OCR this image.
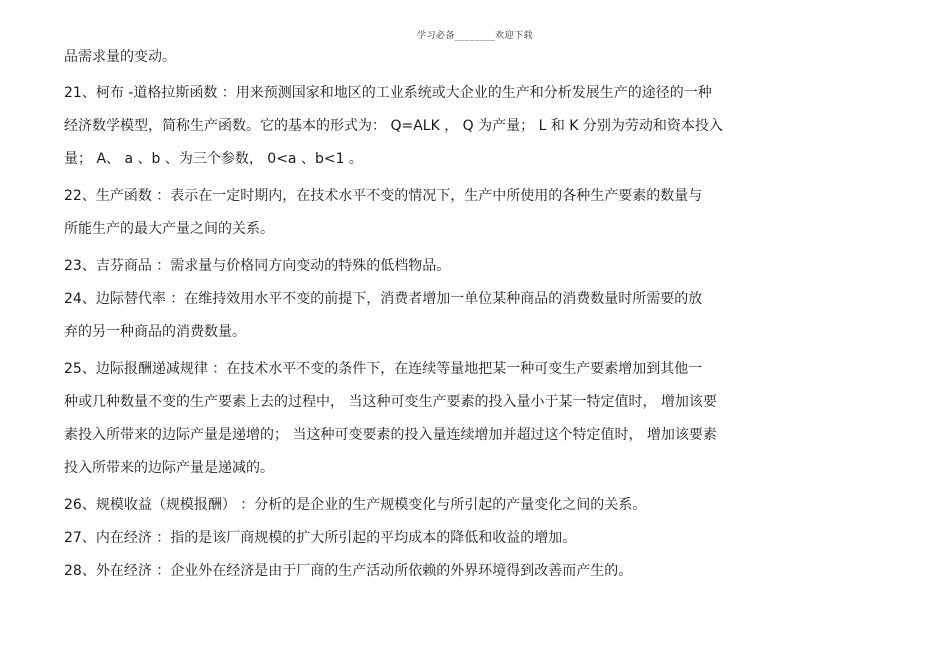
学习必备________欢迎下载

品需求量的变动。

21、柯布 -道格拉斯函数 ：用来预测国家和地区的工业系统或大企业的生产和分析发展生产的途径的一种

经济数学模型，简称生产函数。它的基本的形式为： Q=ALK ， Q 为产量； L 和 K 分别为劳动和资本投入

量； A、 a 、b 、为三个参数， 0<a 、b<1 。

22、生产函数 ：表示在一定时期内，在技术水平不变的情况下，生产中所使用的各种生产要素的数量与

所能生产的最大产量之间的关系。

23、吉芬商品 ：需求量与价格同方向变动的特殊的低档物品。

24、边际替代率 ：在维持效用水平不变的前提下，消费者增加一单位某种商品的消费数量时所需要的放

弃的另一种商品的消费数量。

25、边际报酬递减规律 ：在技术水平不变的条件下，在连续等量地把某一种可变生产要素增加到其他一

种或几种数量不变的生产要素上去的过程中， 当这种可变生产要素的投入量小于某一特定值时， 增加该要

素投入所带来的边际产量是递增的； 当这种可变要素的投入量连续增加并超过这个特定值时， 增加该要素

投入所带来的边际产量是递减的。

26、规模收益（规模报酬） ：分析的是企业的生产规模变化与所引起的产量变化之间的关系。

27、内在经济 ：指的是该厂商规模的扩大所引起的平均成本的降低和收益的增加。

28、外在经济 ：企业外在经济是由于厂商的生产活动所依赖的外界环境得到改善而产生的。
